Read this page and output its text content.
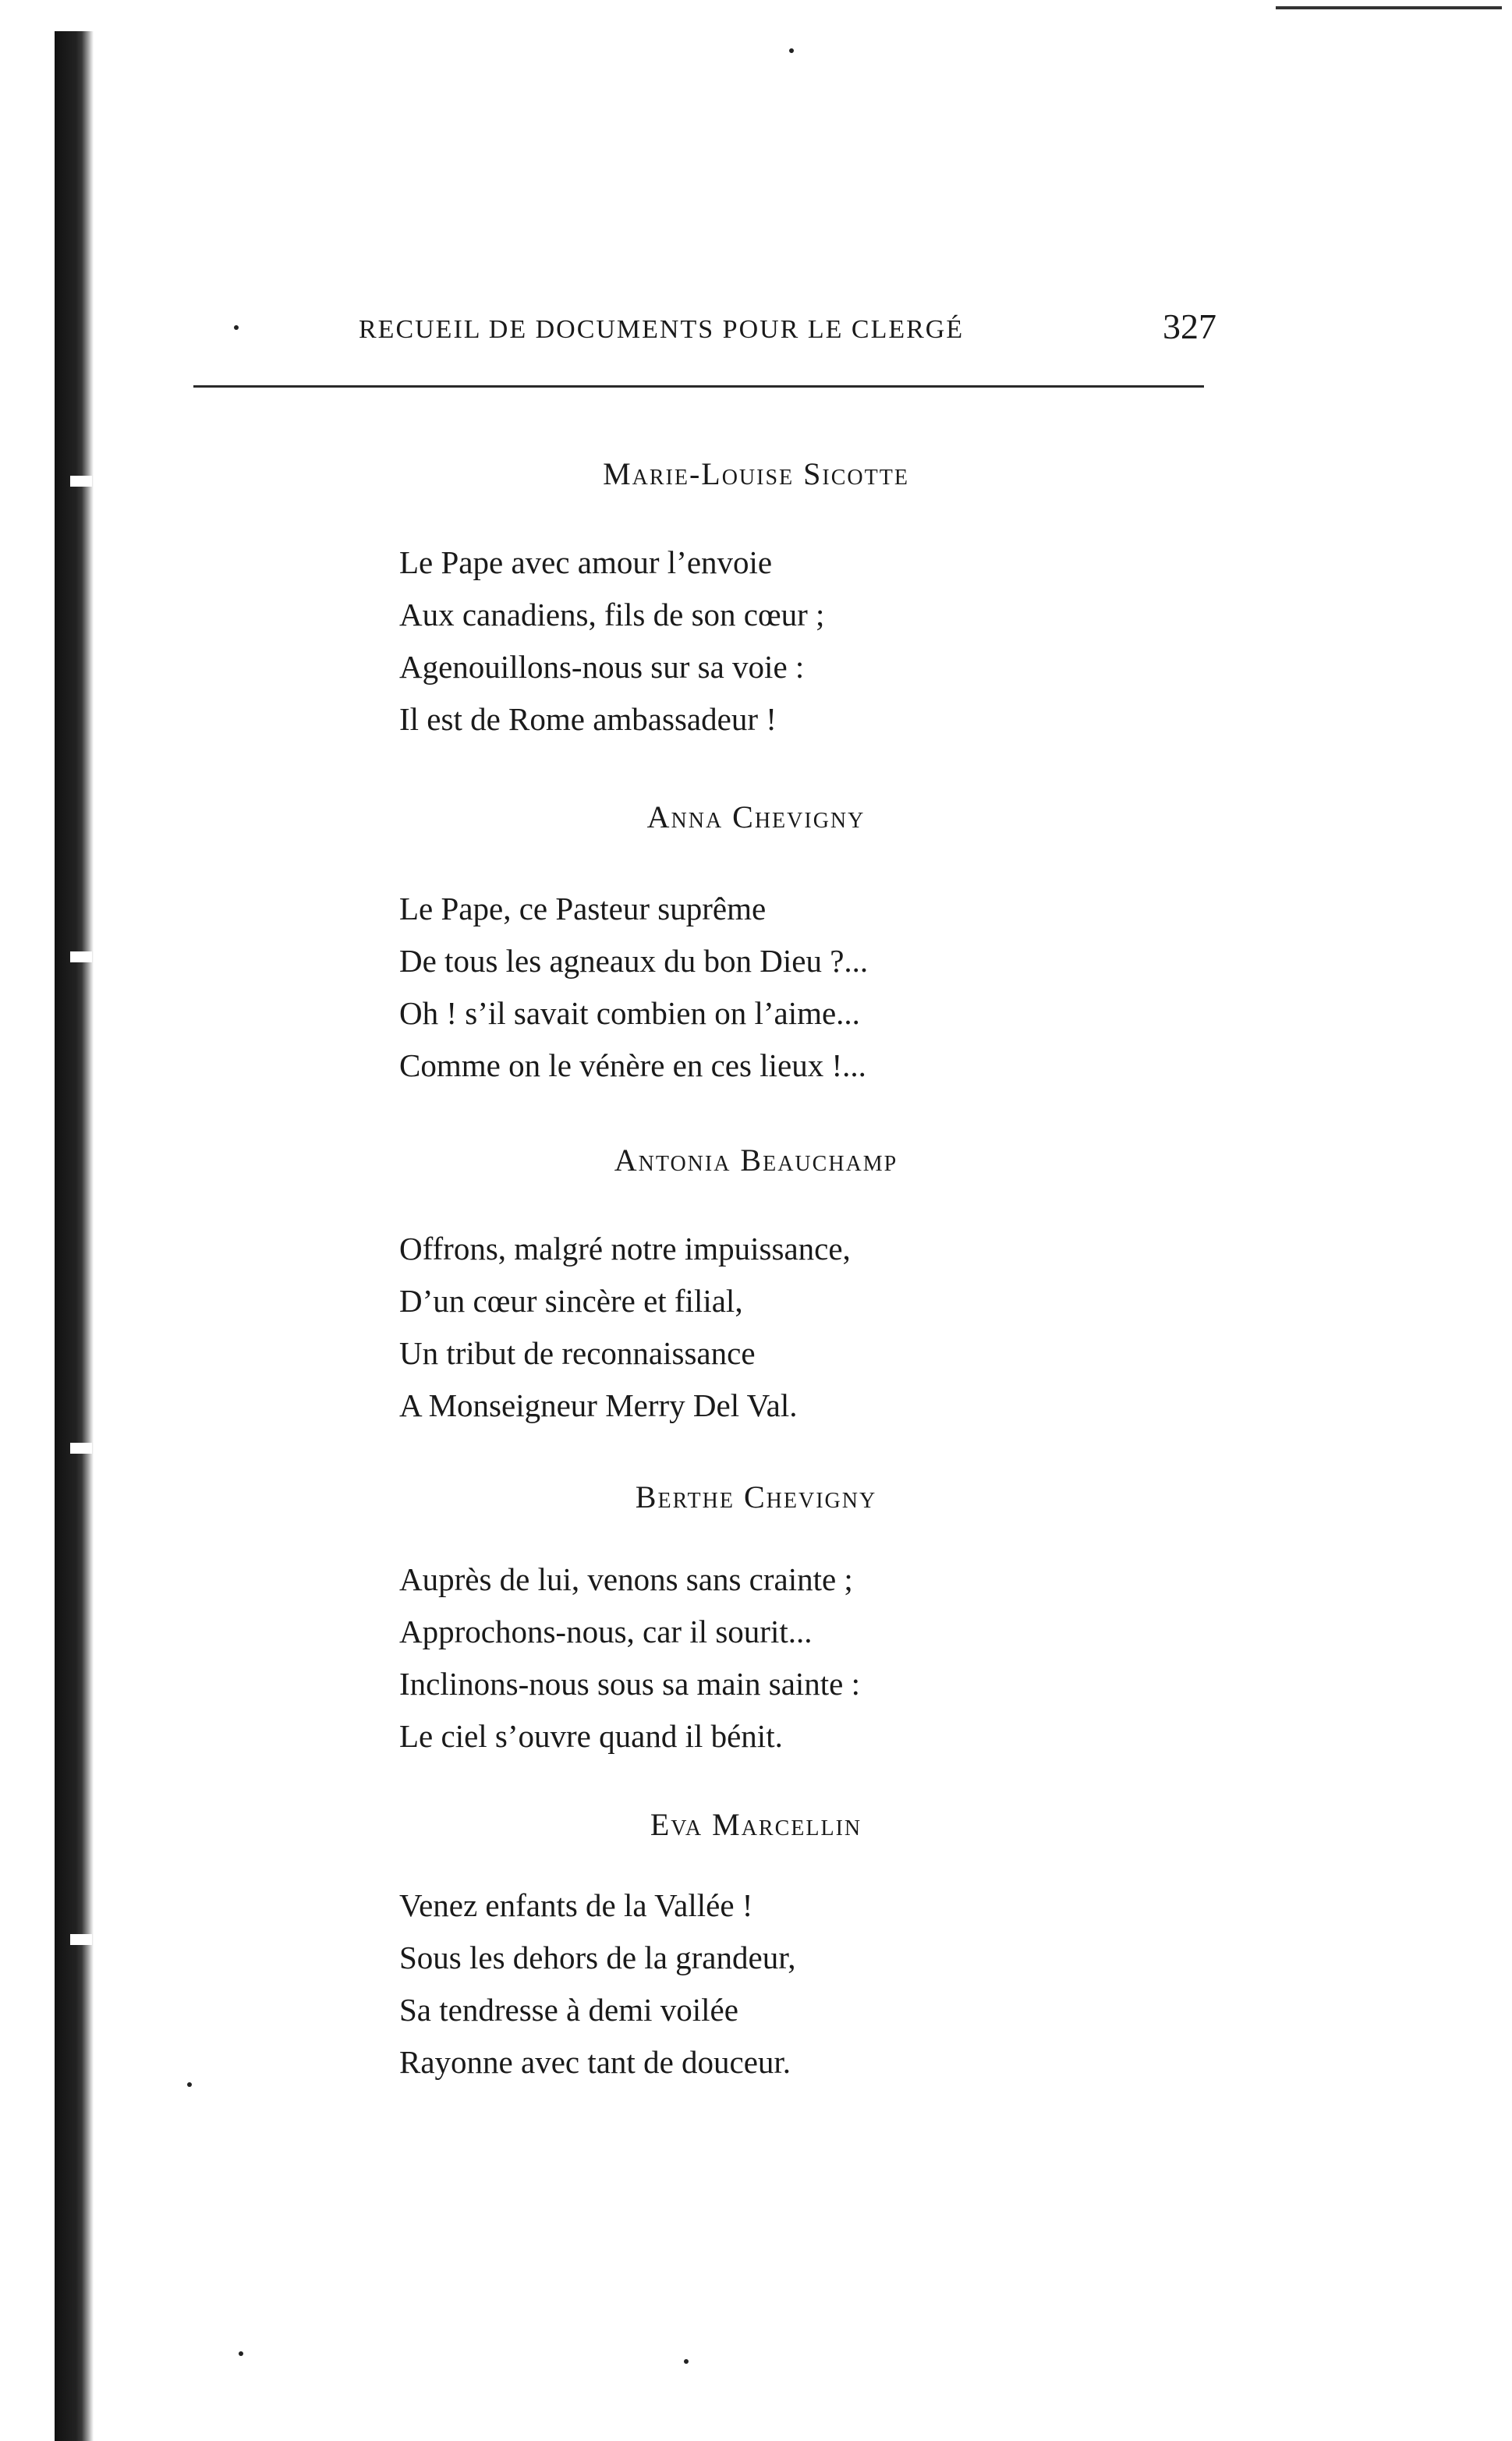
RECUEIL DE DOCUMENTS POUR LE CLERGÉ	327

Marie-Louise Sicotte

Le Pape avec amour l’envoie
Aux canadiens, fils de son cœur ;
Agenouillons-nous sur sa voie :
Il est de Rome ambassadeur !

Anna Chevigny

Le Pape, ce Pasteur suprême
De tous les agneaux du bon Dieu ?...
Oh ! s’il savait combien on l’aime...
Comme on le vénère en ces lieux !...

Antonia Beauchamp

Offrons, malgré notre impuissance,
D’un cœur sincère et filial,
Un tribut de reconnaissance
A Monseigneur Merry Del Val.

Berthe Chevigny

Auprès de lui, venons sans crainte ;
Approchons-nous, car il sourit...
Inclinons-nous sous sa main sainte :
Le ciel s’ouvre quand il bénit.

Eva Marcellin

Venez enfants de la Vallée !
Sous les dehors de la grandeur,
Sa tendresse à demi voilée
Rayonne avec tant de douceur.
